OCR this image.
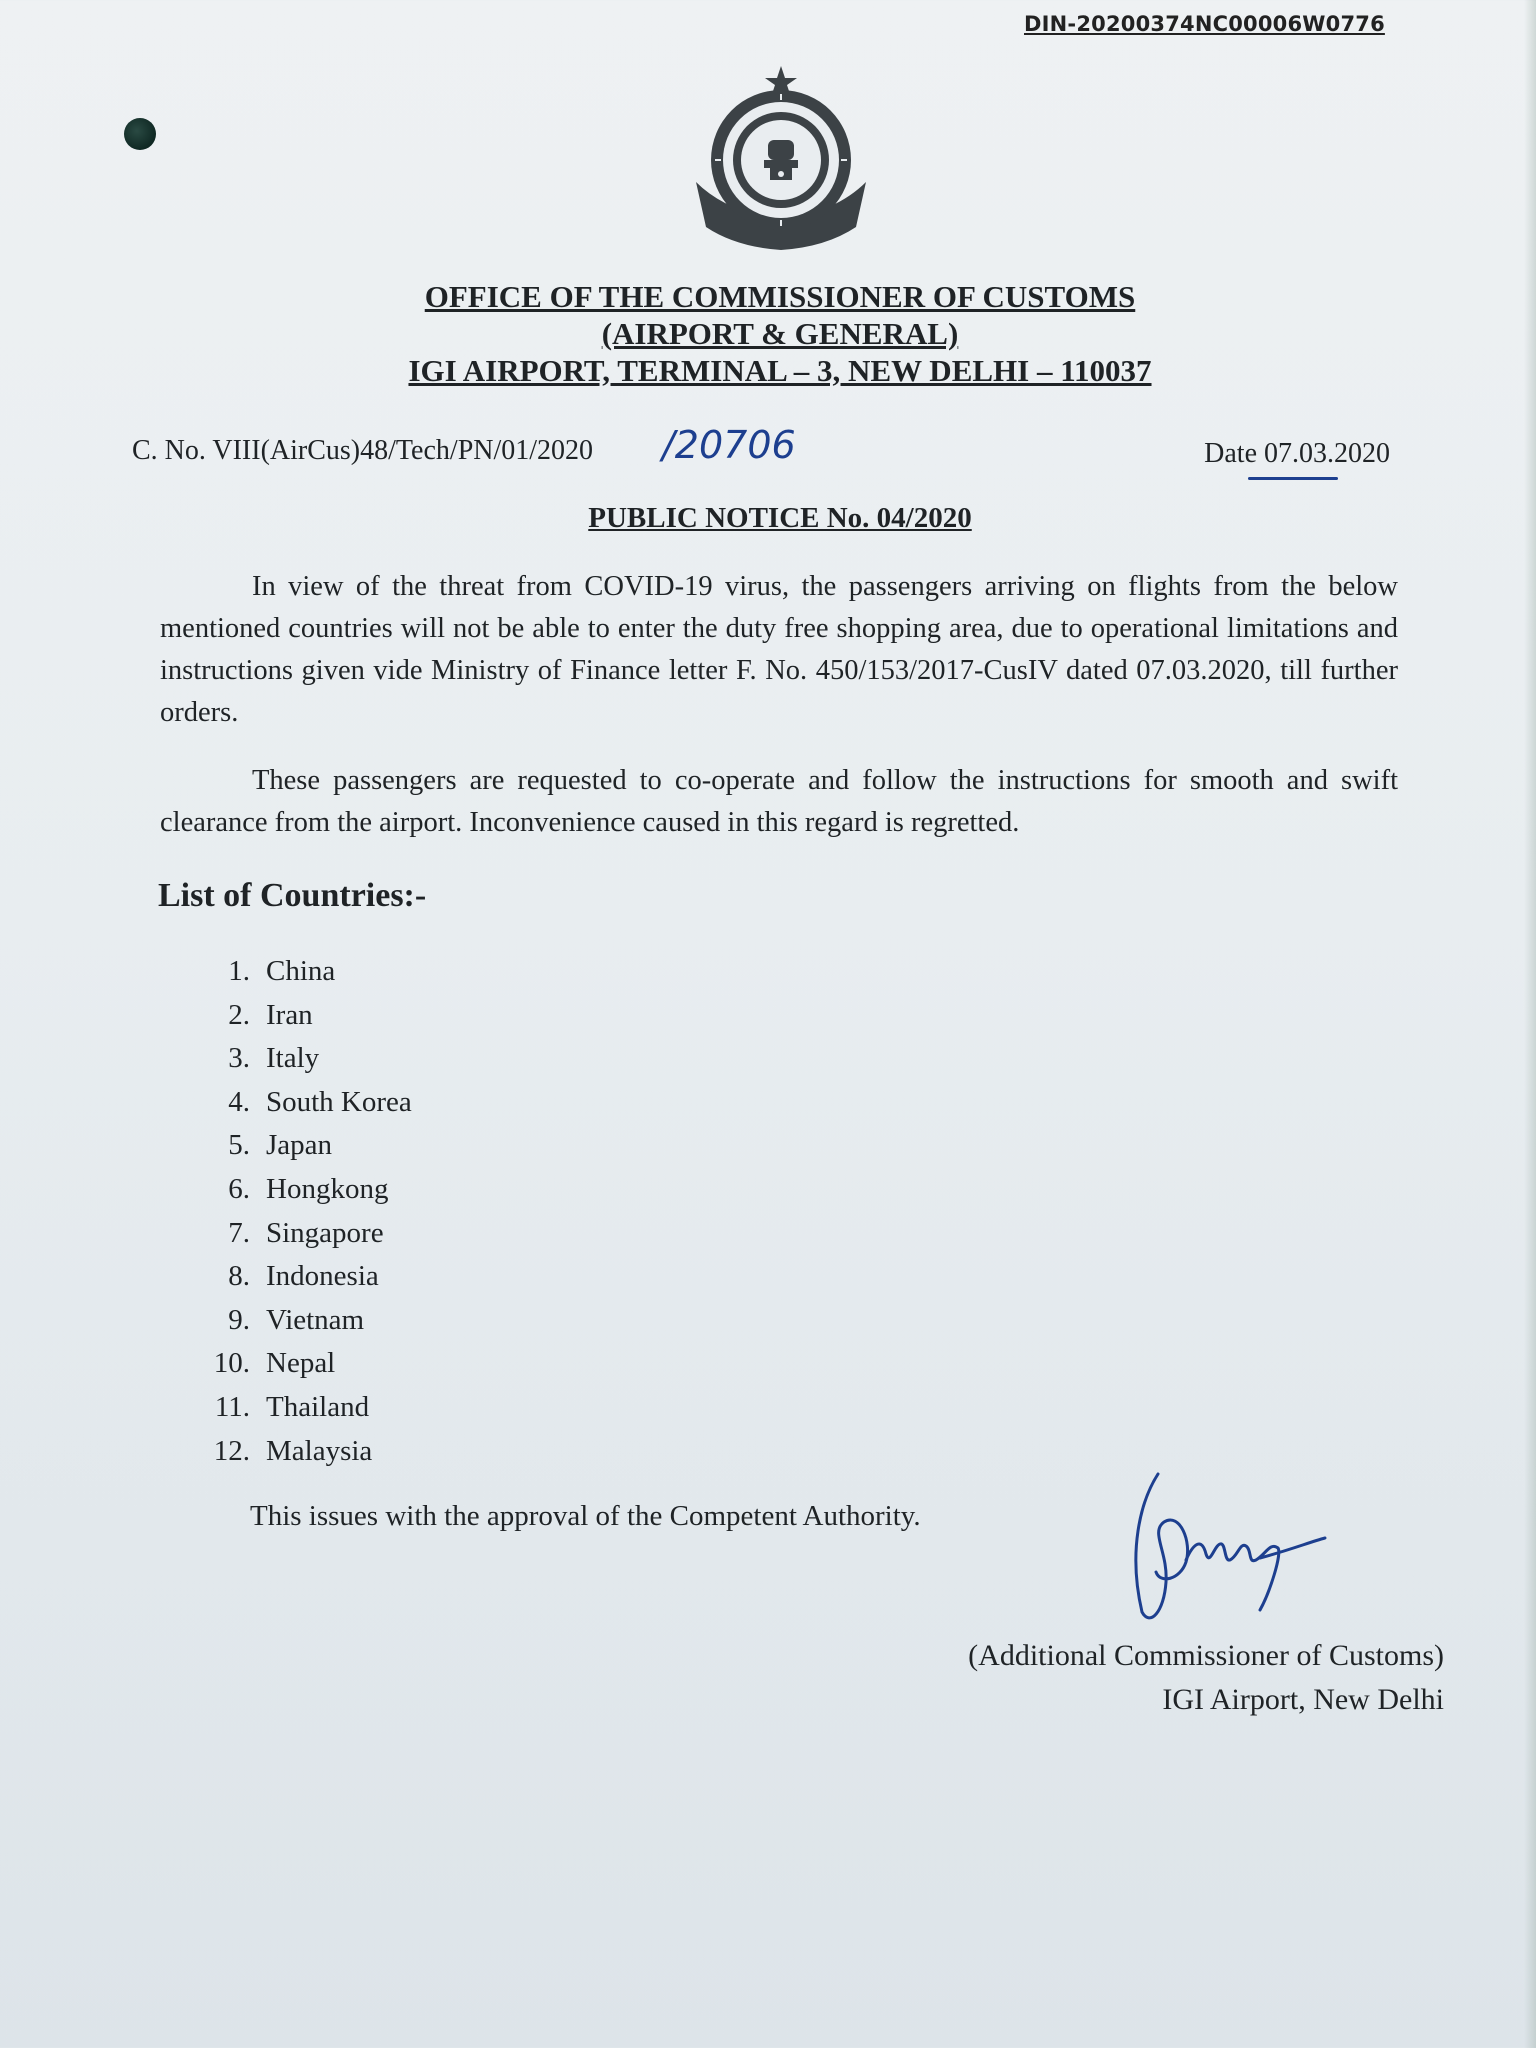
DIN-20200374NC00006W0776
OFFICE OF THE COMMISSIONER OF CUSTOMS
(AIRPORT & GENERAL)
IGI AIRPORT, TERMINAL – 3, NEW DELHI – 110037
C. No. VIII(AirCus)48/Tech/PN/01/2020 /20706	Date 07.03.2020
PUBLIC NOTICE No. 04/2020
In view of the threat from COVID-19 virus, the passengers arriving on flights from the below mentioned countries will not be able to enter the duty free shopping area, due to operational limitations and instructions given vide Ministry of Finance letter F. No. 450/153/2017-CusIV dated 07.03.2020, till further orders.
These passengers are requested to co-operate and follow the instructions for smooth and swift clearance from the airport. Inconvenience caused in this regard is regretted.
List of Countries:-
1. China
2. Iran
3. Italy
4. South Korea
5. Japan
6. Hongkong
7. Singapore
8. Indonesia
9. Vietnam
10. Nepal
11. Thailand
12. Malaysia
This issues with the approval of the Competent Authority.
(Additional Commissioner of Customs)
IGI Airport, New Delhi
